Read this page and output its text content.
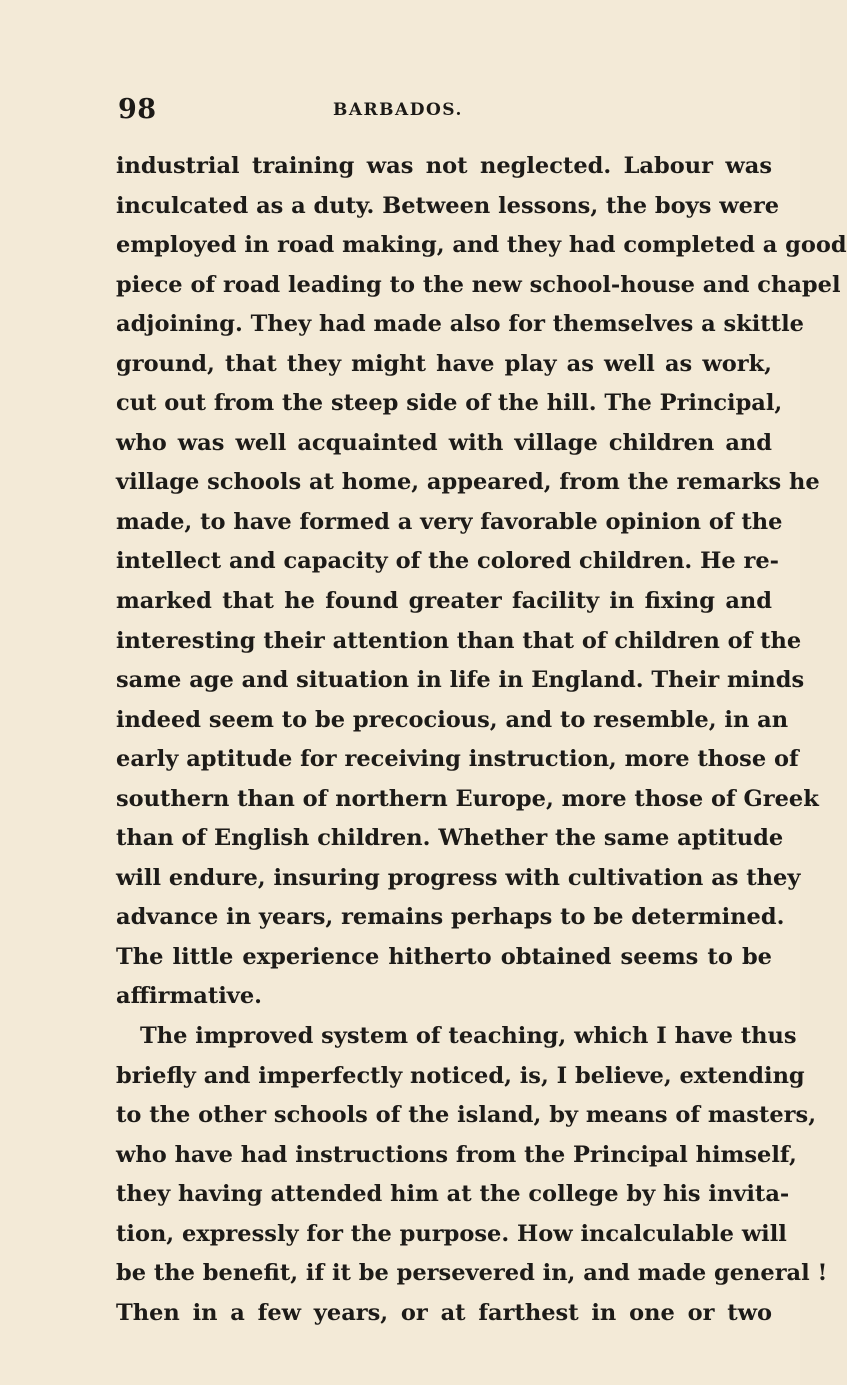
98	BARBADOS.
industrial training was not neglected. Labour was
inculcated as a duty. Between lessons, the boys were
employed in road making, and they had completed a good
piece of road leading to the new school-house and chapel
adjoining. They had made also for themselves a skittle
ground, that they might have play as well as work,
cut out from the steep side of the hill. The Principal,
who was well acquainted with village children and
village schools at home, appeared, from the remarks he
made, to have formed a very favorable opinion of the
intellect and capacity of the colored children. He re-
marked that he found greater facility in fixing and
interesting their attention than that of children of the
same age and situation in life in England. Their minds
indeed seem to be precocious, and to resemble, in an
early aptitude for receiving instruction, more those of
southern than of northern Europe, more those of Greek
than of English children. Whether the same aptitude
will endure, insuring progress with cultivation as they
advance in years, remains perhaps to be determined.
The little experience hitherto obtained seems to be
affirmative.
The improved system of teaching, which I have thus
briefly and imperfectly noticed, is, I believe, extending
to the other schools of the island, by means of masters,
who have had instructions from the Principal himself,
they having attended him at the college by his invita-
tion, expressly for the purpose. How incalculable will
be the benefit, if it be persevered in, and made general !
Then in a few years, or at farthest in one or two
